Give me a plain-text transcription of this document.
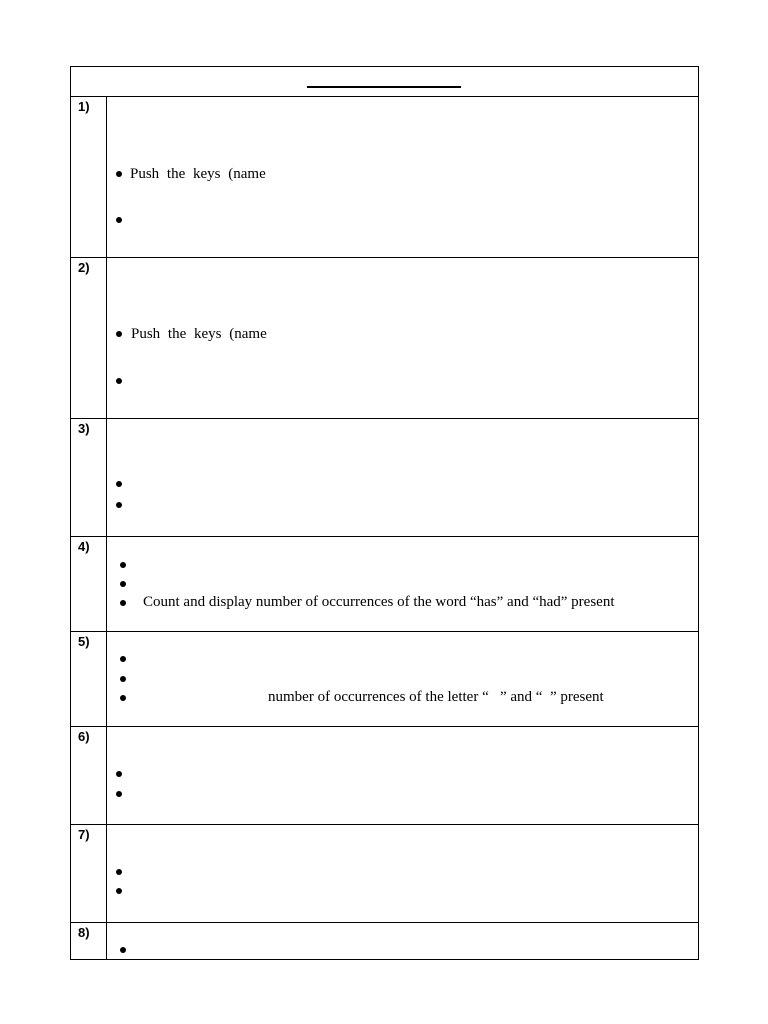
1)
Push the keys (name
2)
Push the keys (name
3)
4)
Count and display number of occurrences of the word “has” and “had” present
5)
number of occurrences of the letter “   ” and “  ” present
6)
7)
8)
